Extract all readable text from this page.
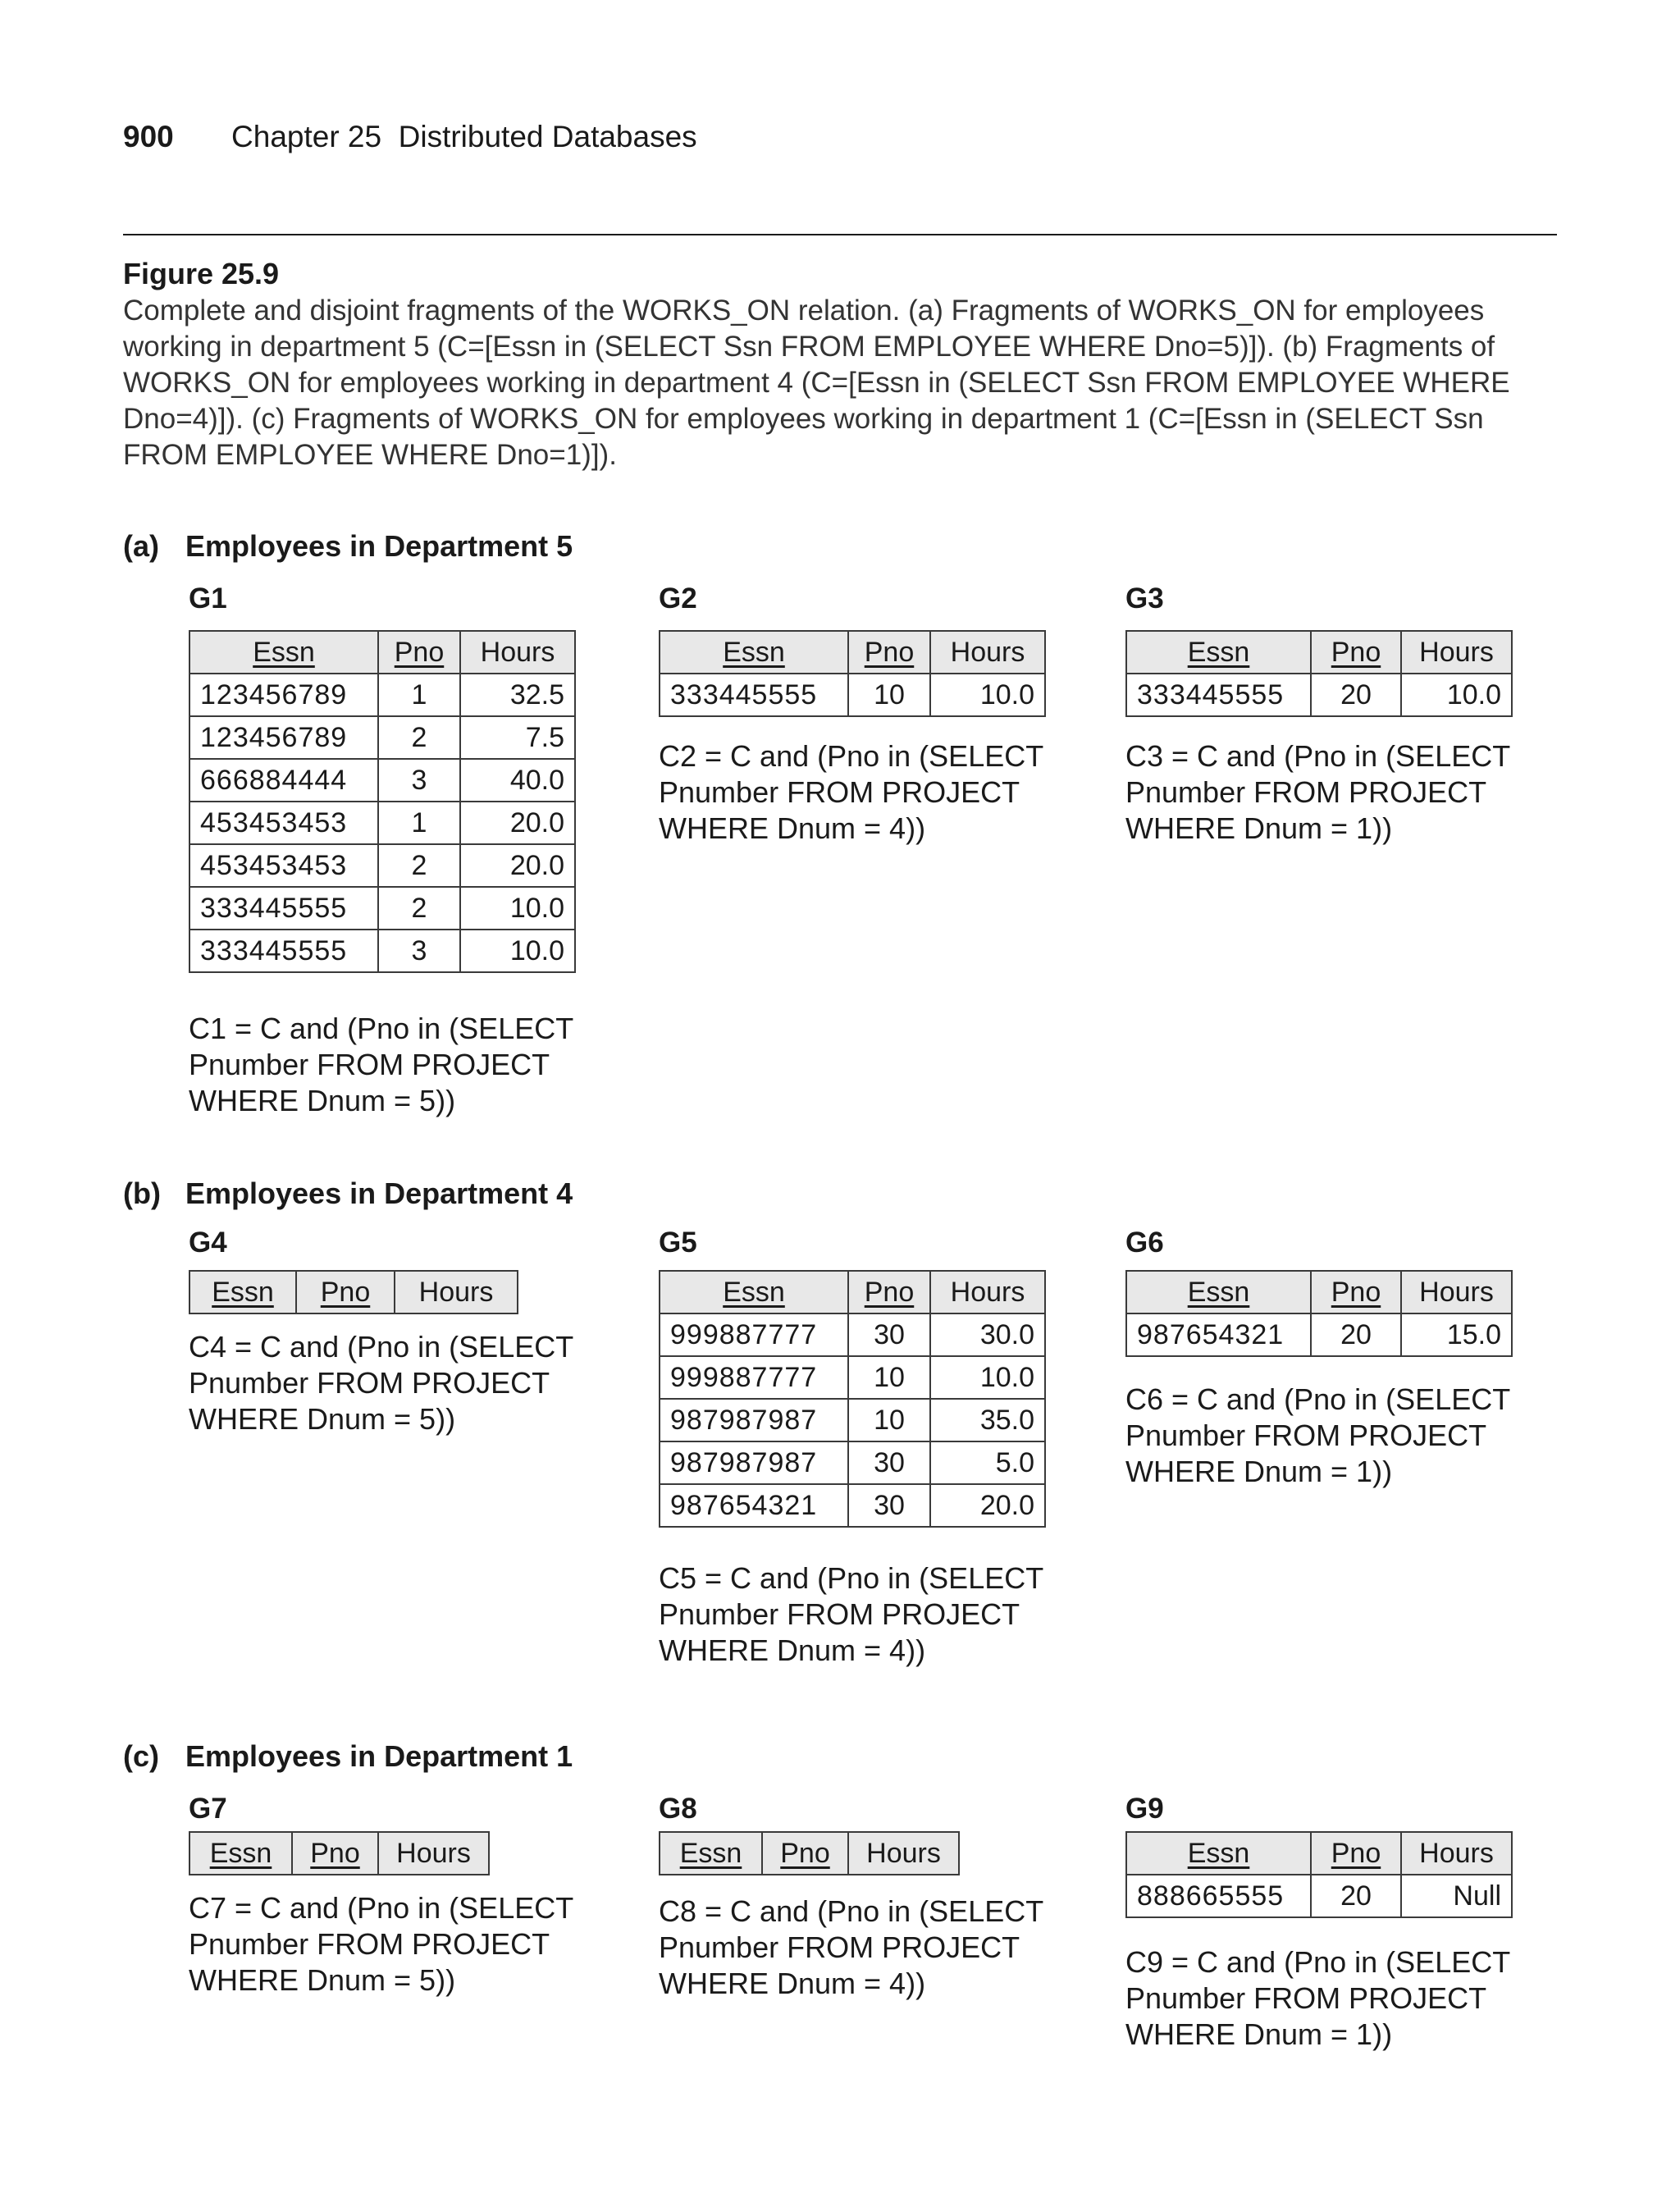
900 Chapter 25  Distributed Databases
Figure 25.9
Complete and disjoint fragments of the WORKS_ON relation. (a) Fragments of WORKS_ON for employees working in department 5 (C=[Essn in (SELECT Ssn FROM EMPLOYEE WHERE Dno=5)]). (b) Fragments of WORKS_ON for employees working in department 4 (C=[Essn in (SELECT Ssn FROM EMPLOYEE WHERE Dno=4)]). (c) Fragments of WORKS_ON for employees working in department 1 (C=[Essn in (SELECT Ssn FROM EMPLOYEE WHERE Dno=1)]).
(a) Employees in Department 5
(b) Employees in Department 4
(c) Employees in Department 1
G1
Essn	Pno	Hours
123456789	1	32.5
123456789	2	7.5
666884444	3	40.0
453453453	1	20.0
453453453	2	20.0
333445555	2	10.0
333445555	3	10.0
C1 = C and (Pno in (SELECT
Pnumber FROM PROJECT
WHERE Dnum = 5))
G2
Essn	Pno	Hours
333445555	10	10.0
C2 = C and (Pno in (SELECT
Pnumber FROM PROJECT
WHERE Dnum = 4))
G3
Essn	Pno	Hours
333445555	20	10.0
C3 = C and (Pno in (SELECT
Pnumber FROM PROJECT
WHERE Dnum = 1))
G4
Essn	Pno	Hours
C4 = C and (Pno in (SELECT
Pnumber FROM PROJECT
WHERE Dnum = 5))
G5
Essn	Pno	Hours
999887777	30	30.0
999887777	10	10.0
987987987	10	35.0
987987987	30	5.0
987654321	30	20.0
C5 = C and (Pno in (SELECT
Pnumber FROM PROJECT
WHERE Dnum = 4))
G6
Essn	Pno	Hours
987654321	20	15.0
C6 = C and (Pno in (SELECT
Pnumber FROM PROJECT
WHERE Dnum = 1))
G7
Essn	Pno	Hours
C7 = C and (Pno in (SELECT
Pnumber FROM PROJECT
WHERE Dnum = 5))
G8
Essn	Pno	Hours
C8 = C and (Pno in (SELECT
Pnumber FROM PROJECT
WHERE Dnum = 4))
G9
Essn	Pno	Hours
888665555	20	Null
C9 = C and (Pno in (SELECT
Pnumber FROM PROJECT
WHERE Dnum = 1))
